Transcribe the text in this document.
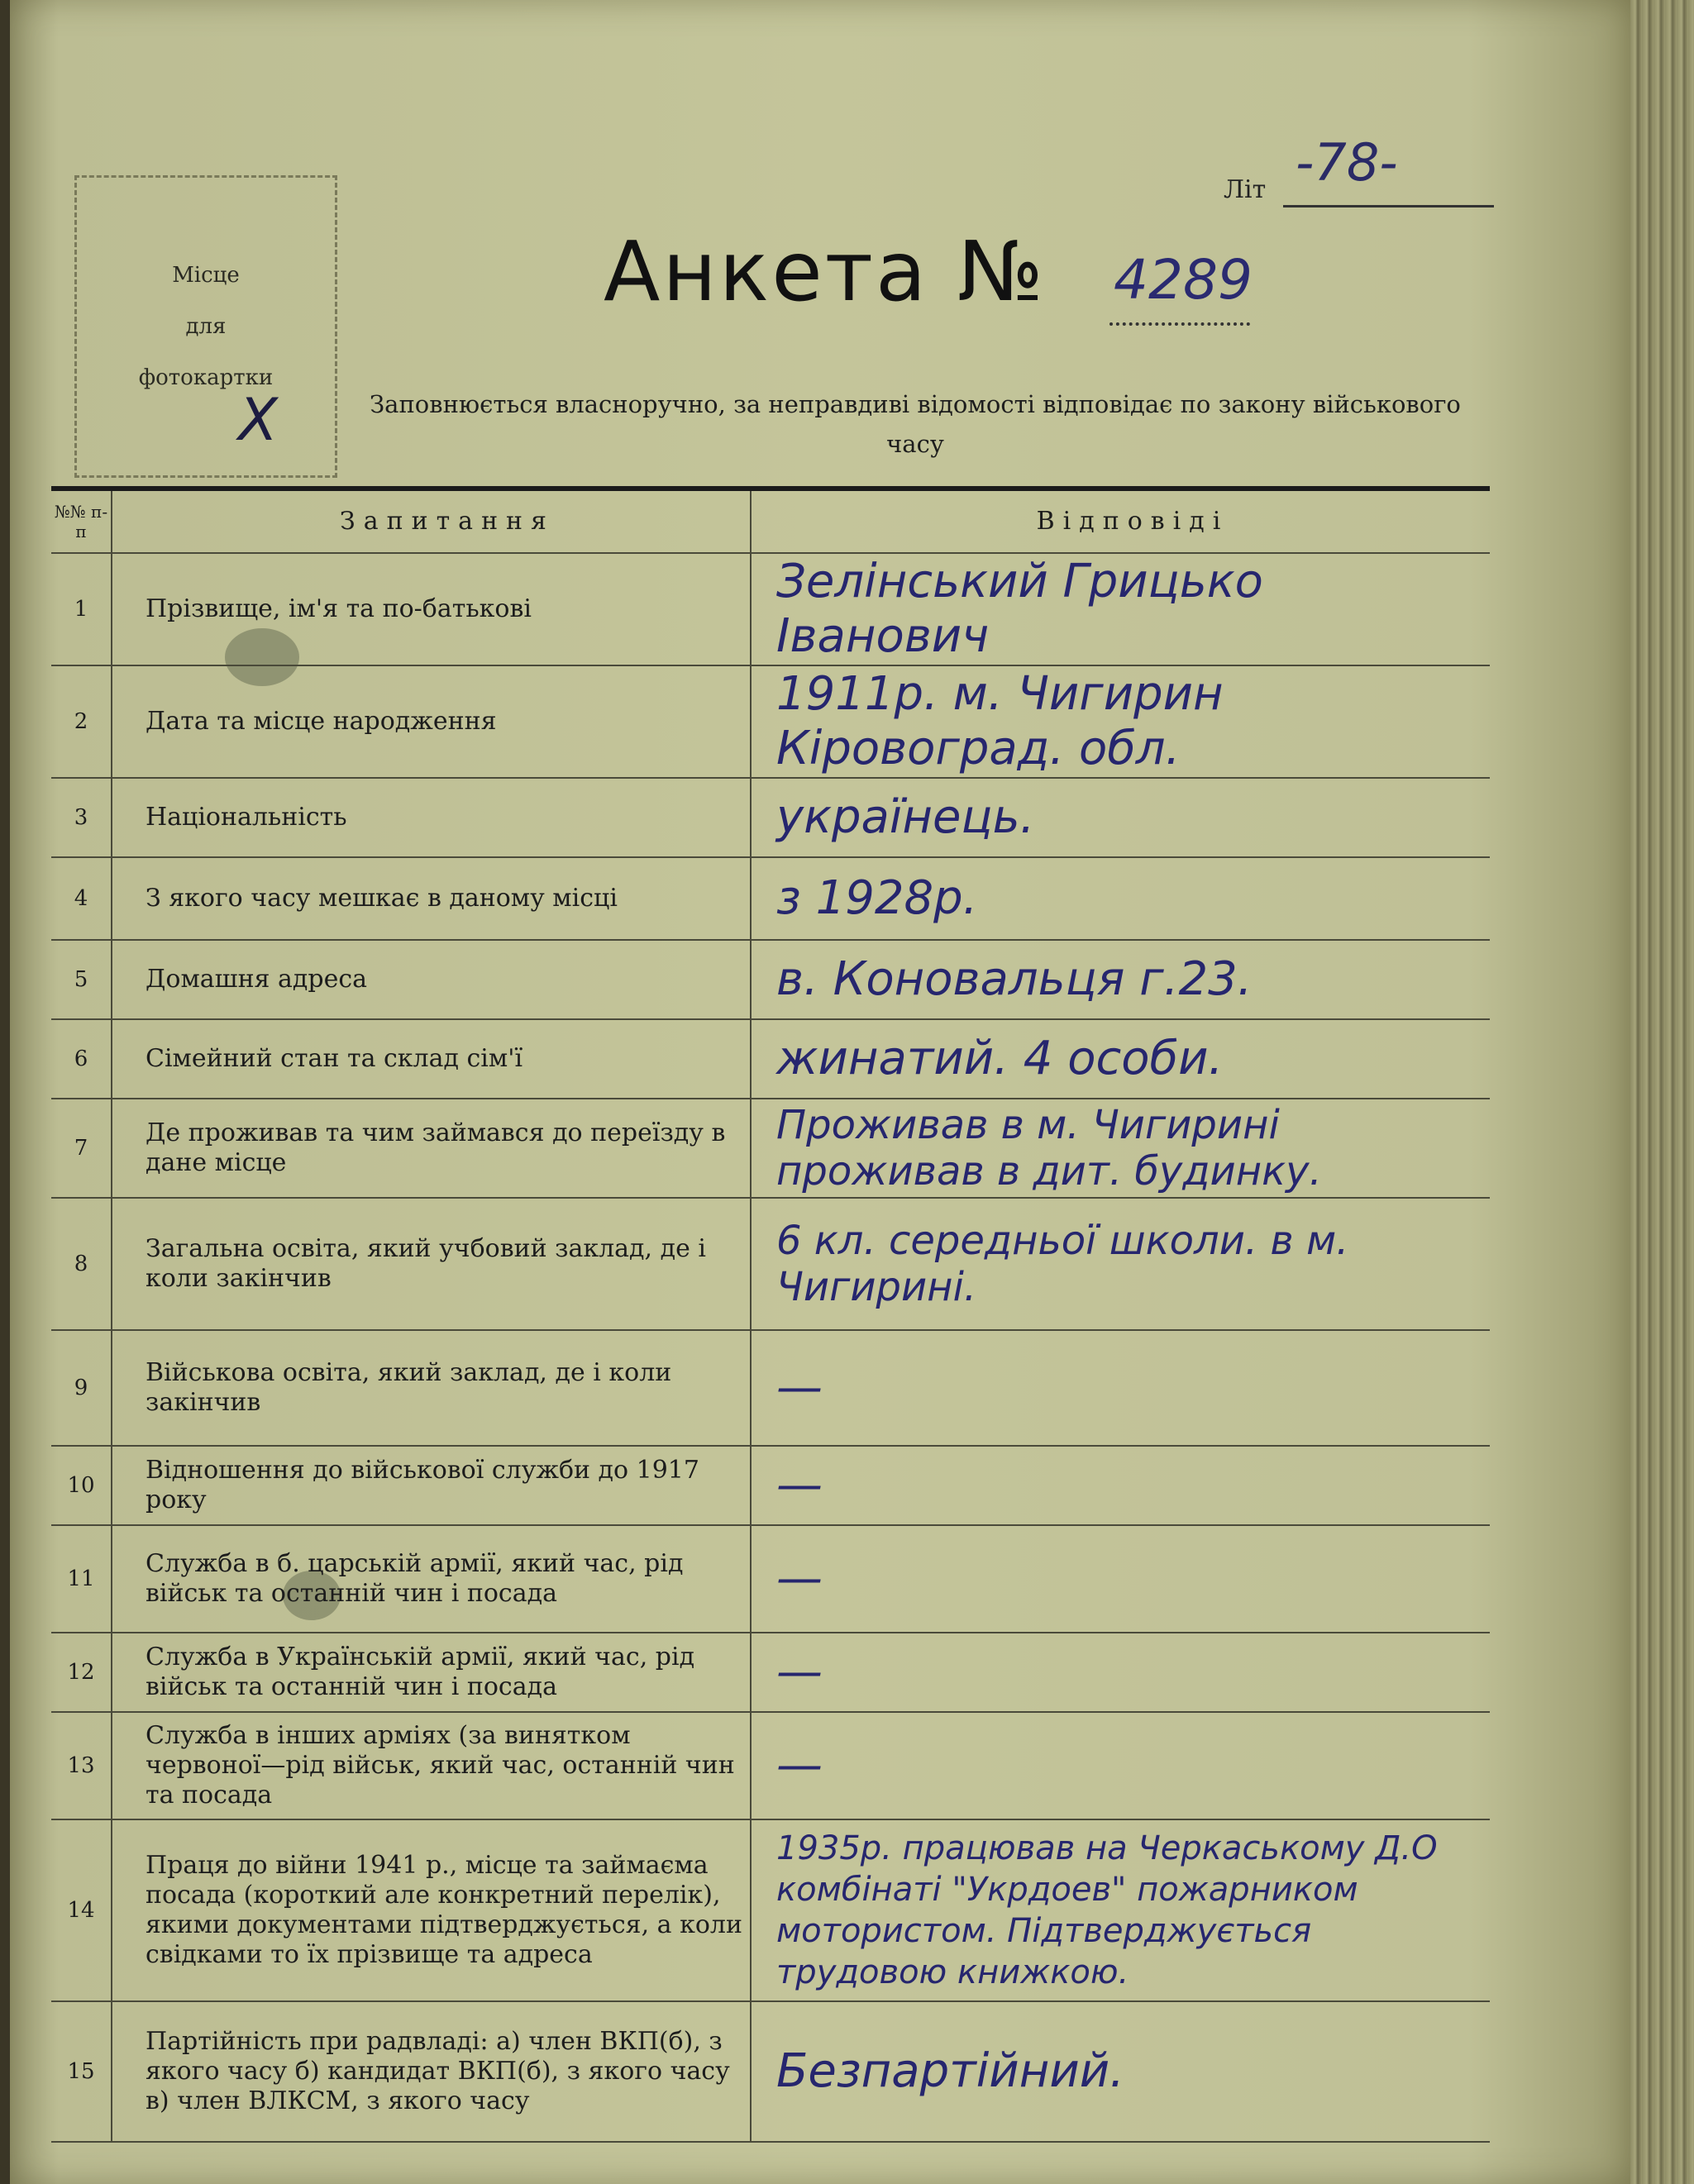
Місце
для
фотокартки
X
Літ -78-
Анкета № 4289
Заповнюється власноручно, за неправдиві відомості відповідає по закону військового часу
№№ п-п	Запитання	Відповіді
1	Прізвище, ім'я та по-батькові	Зелінський Грицько Іванович
2	Дата та місце народження	1911р. м. Чигирин Кіровоград. обл.
3	Національність	українець.
4	З якого часу мешкає в даному місці	з 1928р.
5	Домашня адреса	в. Коновальця г.23.
6	Сімейний стан та склад сім'ї	жинатий. 4 особи.
7	Де проживав та чим займався до переїзду в дане місце	Проживав в м. Чигирині проживав в дит. будинку.
8	Загальна освіта, який учбовий заклад, де і коли закінчив	6 кл. середньої школи. в м. Чигирині.
9	Військова освіта, який заклад, де і коли закінчив	—
10	Відношення до військової служби до 1917 року	—
11	Служба в б. царській армії, який час, рід військ та останній чин і посада	—
12	Служба в Українській армії, який час, рід військ та останній чин і посада	—
13	Служба в інших арміях (за винятком червоної—рід військ, який час, останній чин та посада	—
14	Праця до війни 1941 р., місце та займаєма посада (короткий але конкретний перелік), якими документами підтверджується, а коли свідками то їх прізвище та адреса	1935р. працював на Черкаському Д.О комбінаті "Укрдоев" пожарником мотористом. Підтверджується трудовою книжкою.
15	Партійність при радвладі: а) член ВКП(б), з якого часу б) кандидат ВКП(б), з якого часу в) член ВЛКСМ, з якого часу	Безпартійний.
